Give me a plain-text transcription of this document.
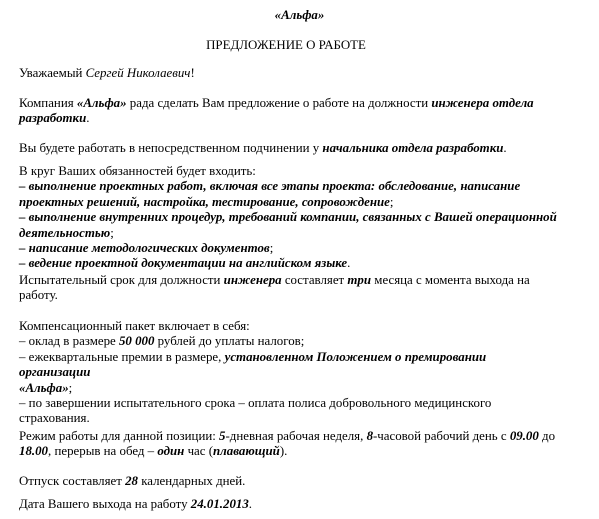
«Альфа»
ПРЕДЛОЖЕНИЕ О РАБОТЕ

Уважаемый Сергей Николаевич!

Компания «Альфа» рада сделать Вам предложение о работе на должности инженера отдела
разработки.

Вы будете работать в непосредственном подчинении у начальника отдела разработки.

В круг Ваших обязанностей будет входить:
– выполнение проектных работ, включая все этапы проекта: обследование, написание
проектных решений, настройка, тестирование, сопровождение;
– выполнение внутренних процедур, требований компании, связанных с Вашей операционной
деятельностью;
– написание методологических документов;
– ведение проектной документации на английском языке.

Испытательный срок для должности инженера составляет три месяца с момента выхода на
работу.

Компенсационный пакет включает в себя:
– оклад в размере 50 000 рублей до уплаты налогов;
– ежеквартальные премии в размере, установленном Положением о премировании
организации
«Альфа»;
– по завершении испытательного срока – оплата полиса добровольного медицинского
страхования.

Режим работы для данной позиции: 5-дневная рабочая неделя, 8-часовой рабочий день с 09.00 до
18.00, перерыв на обед – один час (плавающий).

Отпуск составляет 28 календарных дней.

Дата Вашего выхода на работу 24.01.2013.
